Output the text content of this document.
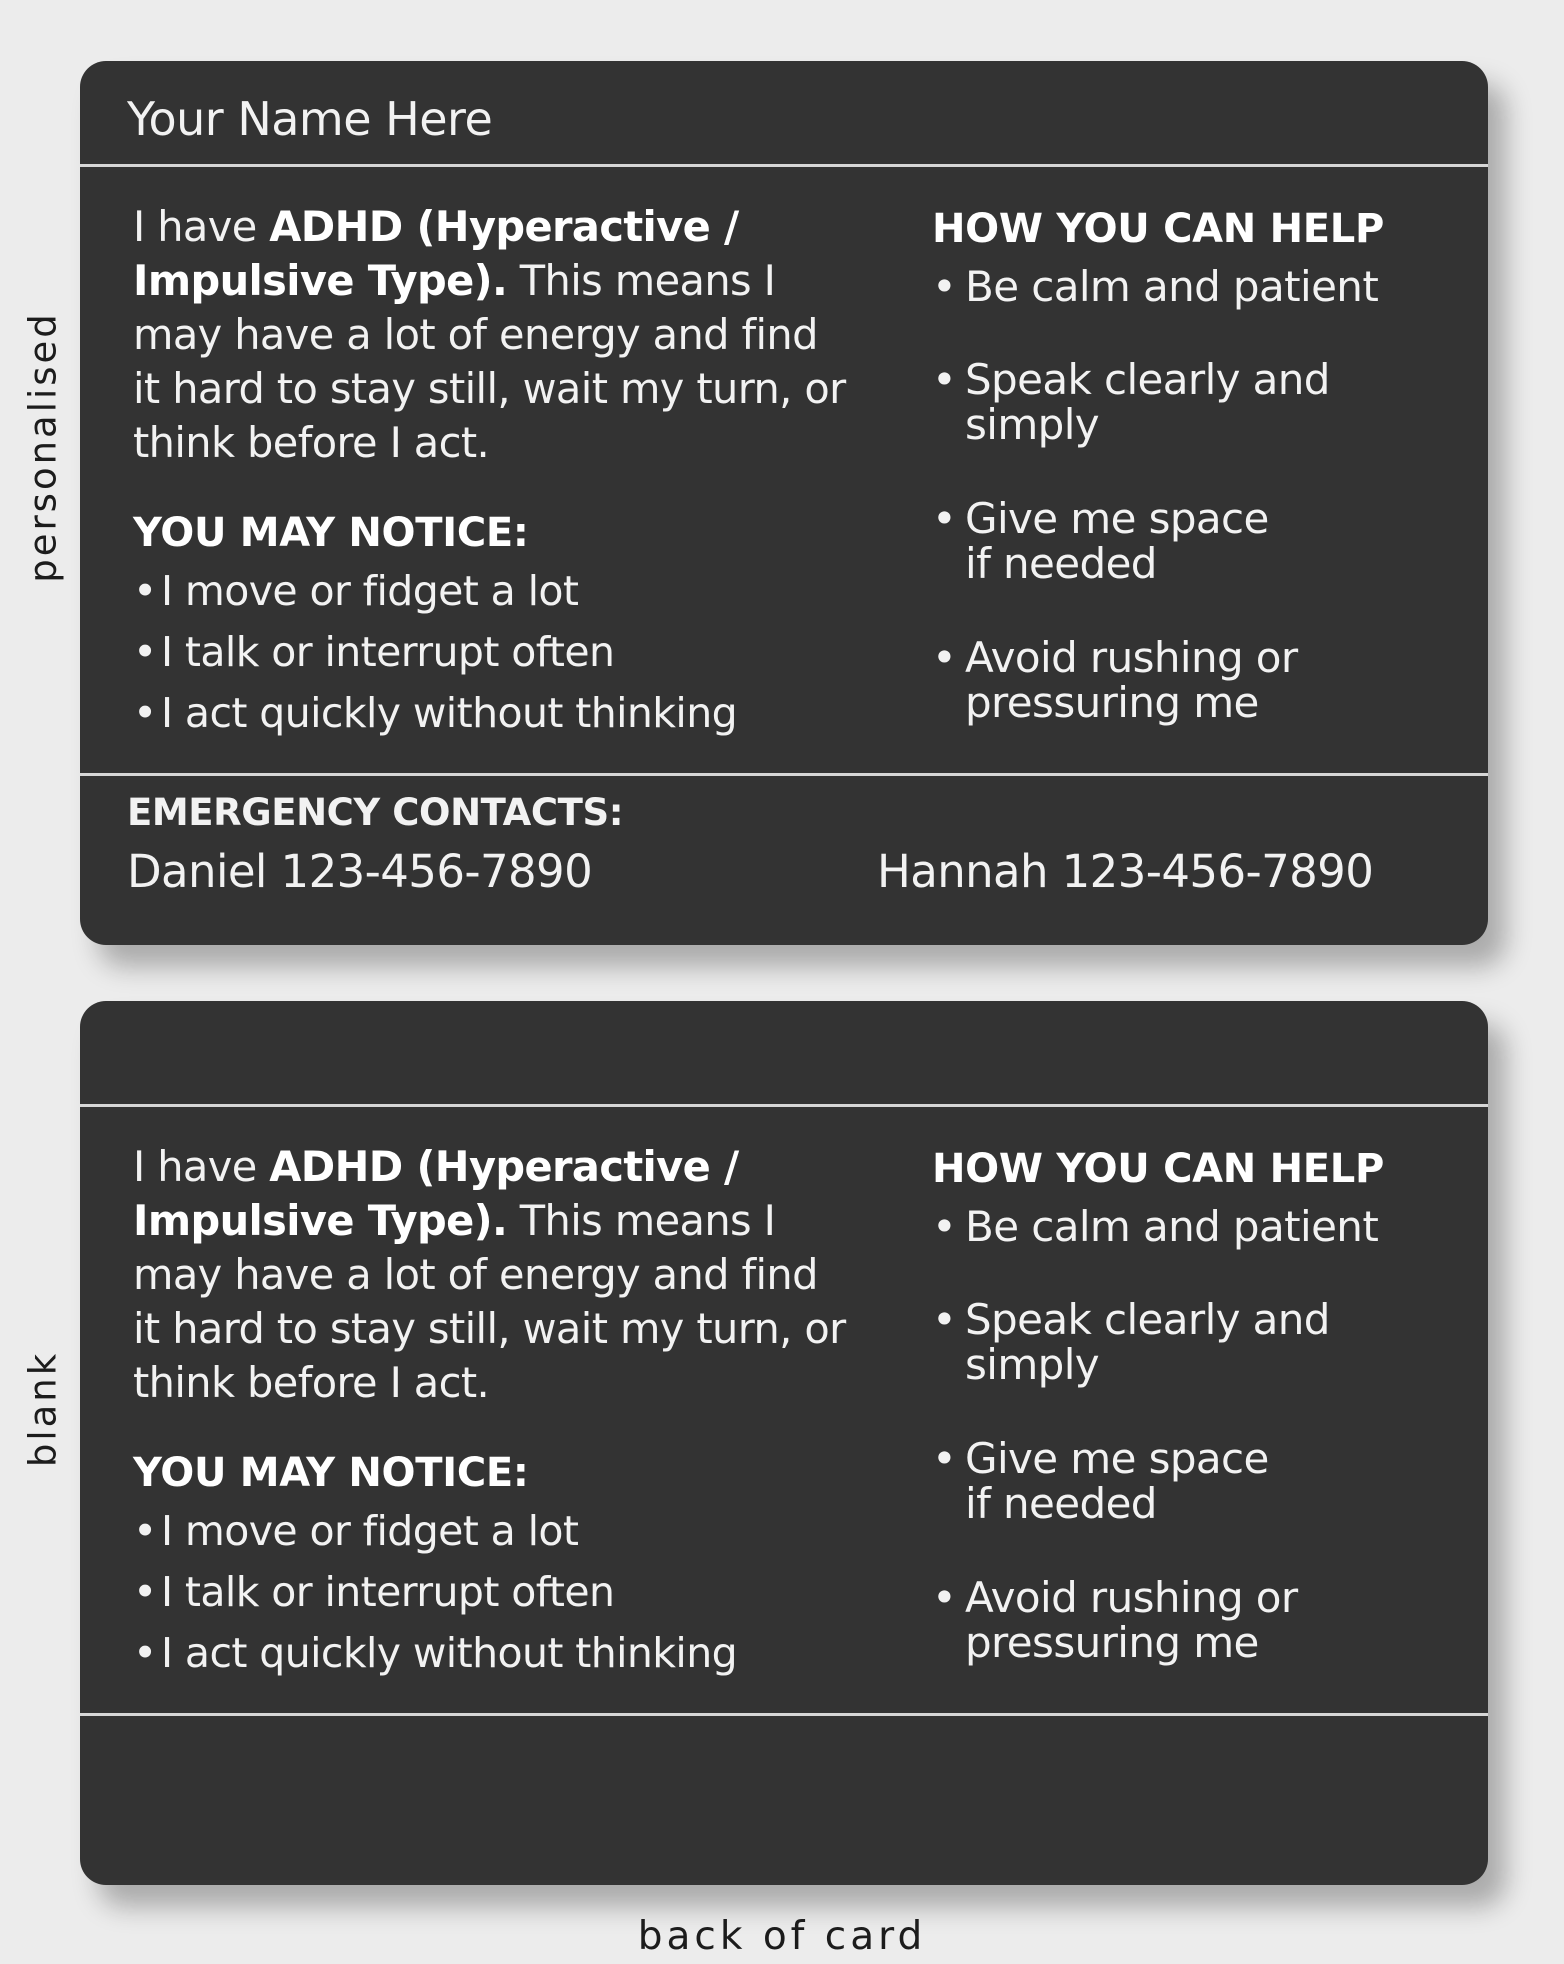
personalised
blank
Your Name Here
I have ADHD (Hyperactive / Impulsive Type). This means I may have a lot of energy and find it hard to stay still, wait my turn, or think before I act.
YOU MAY NOTICE:
• I move or fidget a lot
• I talk or interrupt often
• I act quickly without thinking
HOW YOU CAN HELP
• Be calm and patient
• Speak clearly and
simply
• Give me space
if needed
• Avoid rushing or
pressuring me
EMERGENCY CONTACTS:
Daniel 123-456-7890	Hannah 123-456-7890
I have ADHD (Hyperactive / Impulsive Type). This means I may have a lot of energy and find it hard to stay still, wait my turn, or think before I act.
YOU MAY NOTICE:
• I move or fidget a lot
• I talk or interrupt often
• I act quickly without thinking
HOW YOU CAN HELP
• Be calm and patient
• Speak clearly and
simply
• Give me space
if needed
• Avoid rushing or
pressuring me
back of card
